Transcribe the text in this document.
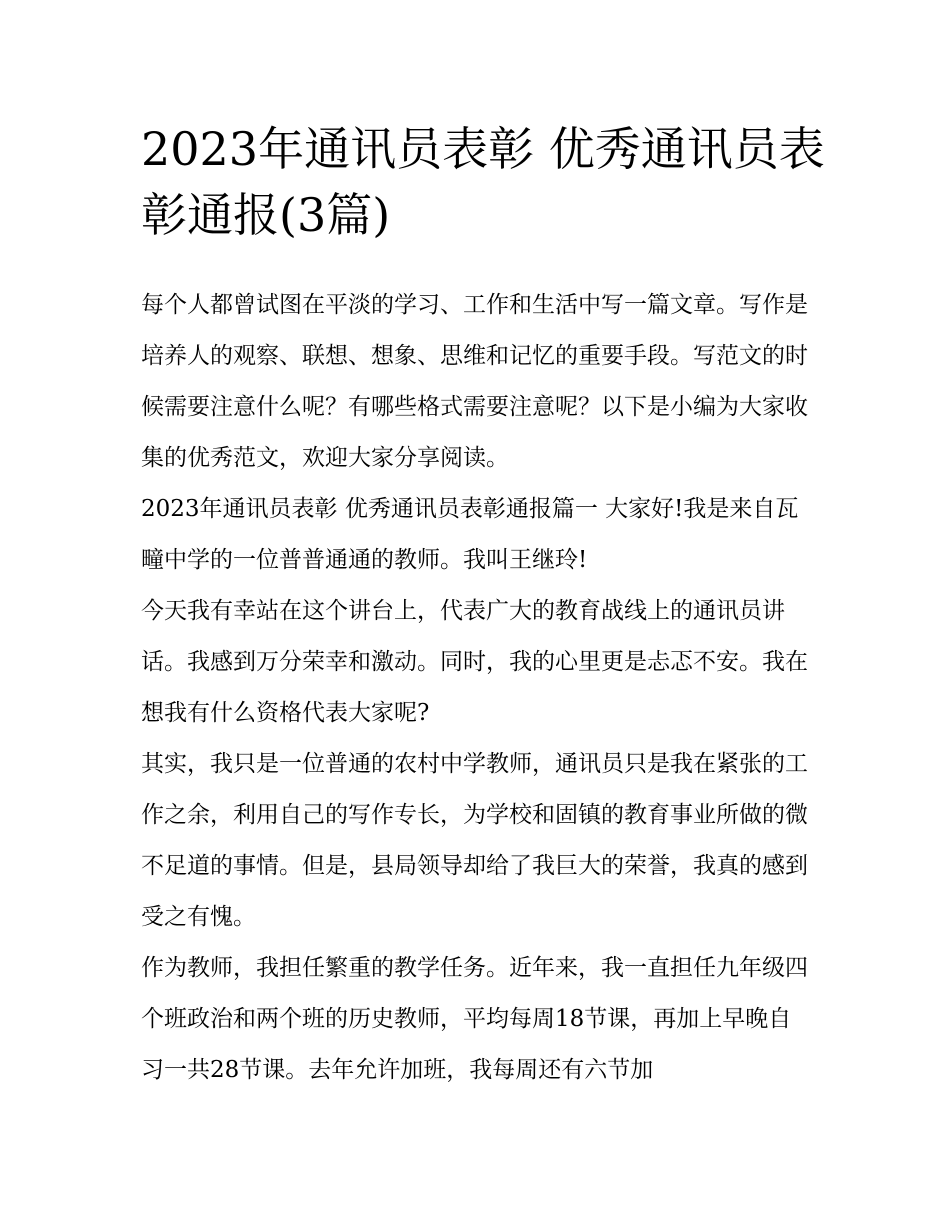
2023年通讯员表彰 优秀通讯员表彰通报(3篇)

每个人都曾试图在平淡的学习、工作和生活中写一篇文章。写作是培养人的观察、联想、想象、思维和记忆的重要手段。写范文的时候需要注意什么呢？有哪些格式需要注意呢？以下是小编为大家收集的优秀范文，欢迎大家分享阅读。

2023年通讯员表彰 优秀通讯员表彰通报篇一 大家好!我是来自瓦疃中学的一位普普通通的教师。我叫王继玲!

今天我有幸站在这个讲台上，代表广大的教育战线上的通讯员讲话。我感到万分荣幸和激动。同时，我的心里更是忐忑不安。我在想我有什么资格代表大家呢?

其实，我只是一位普通的农村中学教师，通讯员只是我在紧张的工作之余，利用自己的写作专长，为学校和固镇的教育事业所做的微不足道的事情。但是，县局领导却给了我巨大的荣誉，我真的感到受之有愧。

作为教师，我担任繁重的教学任务。近年来，我一直担任九年级四个班政治和两个班的历史教师，平均每周18节课，再加上早晚自习一共28节课。去年允许加班，我每周还有六节加
